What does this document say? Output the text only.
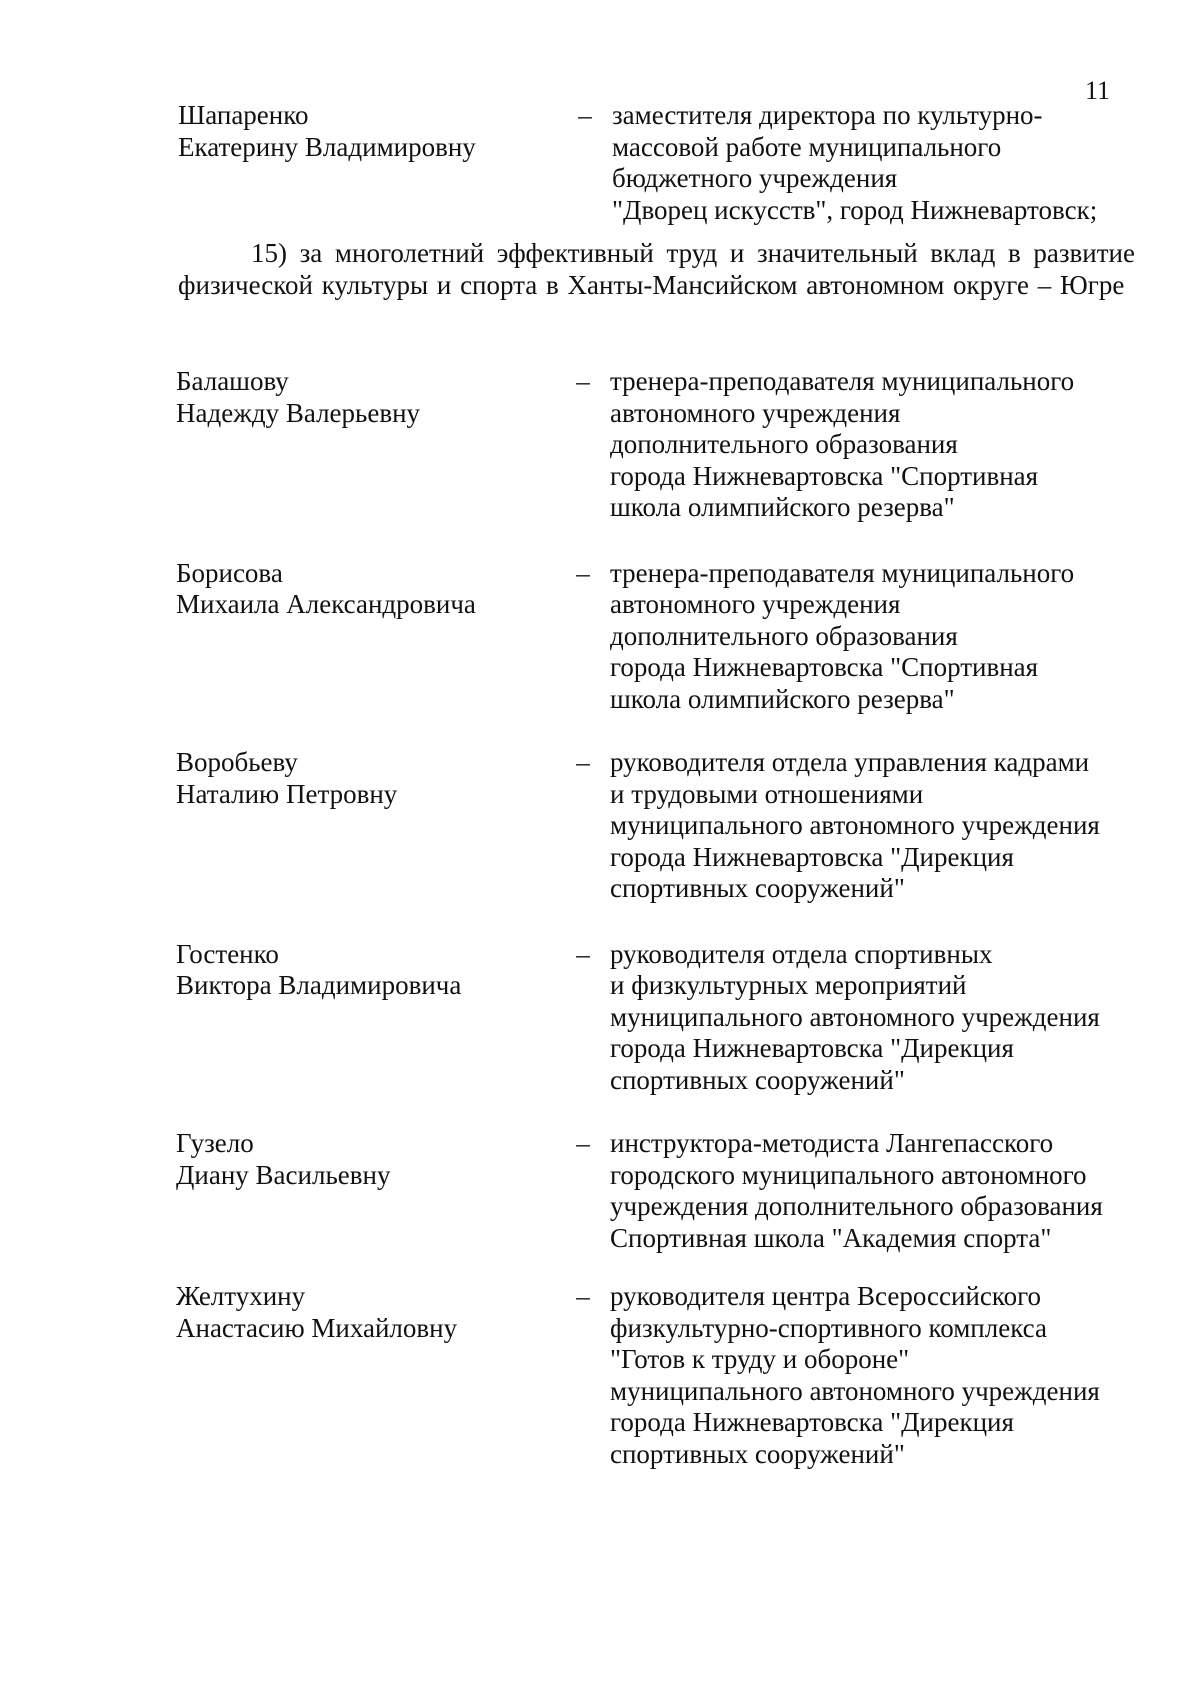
11
Шапаренко
Екатерину Владимировну
– заместителя директора по культурно-
массовой работе муниципального
бюджетного учреждения
"Дворец искусств", город Нижневартовск;

15) за многолетний эффективный труд и значительный вклад в развитие физической культуры и спорта в Ханты-Мансийском автономном округе – Югре

Балашову
Надежду Валерьевну
– тренера-преподавателя муниципального
автономного учреждения
дополнительного образования
города Нижневартовска "Спортивная
школа олимпийского резерва"
Борисова
Михаила Александровича
– тренера-преподавателя муниципального
автономного учреждения
дополнительного образования
города Нижневартовска "Спортивная
школа олимпийского резерва"
Воробьеву
Наталию Петровну
– руководителя отдела управления кадрами
и трудовыми отношениями
муниципального автономного учреждения
города Нижневартовска "Дирекция
спортивных сооружений"
Гостенко
Виктора Владимировича
– руководителя отдела спортивных
и физкультурных мероприятий
муниципального автономного учреждения
города Нижневартовска "Дирекция
спортивных сооружений"
Гузело
Диану Васильевну
– инструктора-методиста Лангепасского
городского муниципального автономного
учреждения дополнительного образования
Спортивная школа "Академия спорта"
Желтухину
Анастасию Михайловну
– руководителя центра Всероссийского
физкультурно-спортивного комплекса
"Готов к труду и обороне"
муниципального автономного учреждения
города Нижневартовска "Дирекция
спортивных сооружений"
